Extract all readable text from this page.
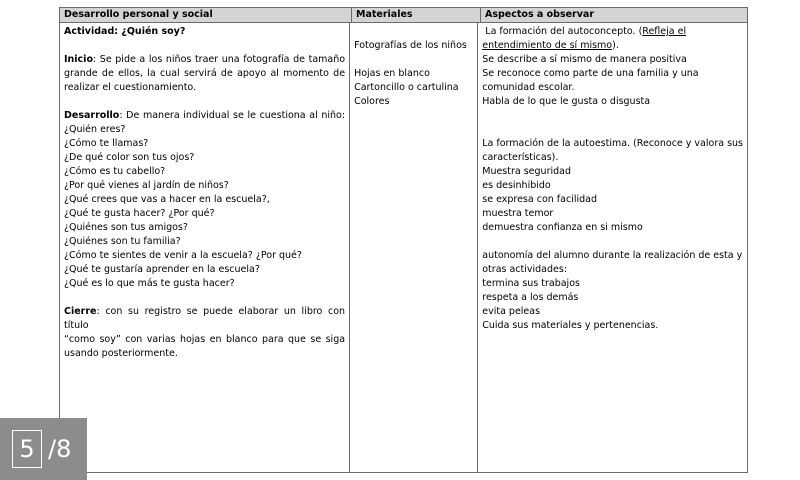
Desarrollo personal y social	Materiales	Aspectos a observar
Actividad: ¿Quién soy?
Inicio: Se pide a los niños traer una fotografía de tamaño
grande de ellos, la cual servirá de apoyo al momento de
realizar el cuestionamiento.
Desarrollo: De manera individual se le cuestiona al niño:
¿Quién eres?
¿Cómo te llamas?
¿De qué color son tus ojos?
¿Cómo es tu cabello?
¿Por qué vienes al jardín de niños?
¿Qué crees que vas a hacer en la escuela?,
¿Qué te gusta hacer? ¿Por qué?
¿Quiénes son tus amigos?
¿Quiénes son tu familia?
¿Cómo te sientes de venir a la escuela? ¿Por qué?
¿Qué te gustaría aprender en la escuela?
¿Qué es lo que más te gusta hacer?
Cierre: con su registro se puede elaborar un libro con título
“como soy” con varias hojas en blanco para que se siga
usando posteriormente.
Fotografías de los niños
Hojas en blanco
Cartoncillo o cartulina
Colores
La formación del autoconcepto. (Refleja el
entendimiento de sí mismo).
Se describe a sí mismo de manera positiva
Se reconoce como parte de una familia y una
comunidad escolar.
Habla de lo que le gusta o disgusta
La formación de la autoestima. (Reconoce y valora sus
características).
Muestra seguridad
es desinhibido
se expresa con facilidad
muestra temor
demuestra confianza en si mismo
autonomía del alumno durante la realización de esta y
otras actividades:
termina sus trabajos
respeta a los demás
evita peleas
Cuida sus materiales y pertenencias.
5 /8
